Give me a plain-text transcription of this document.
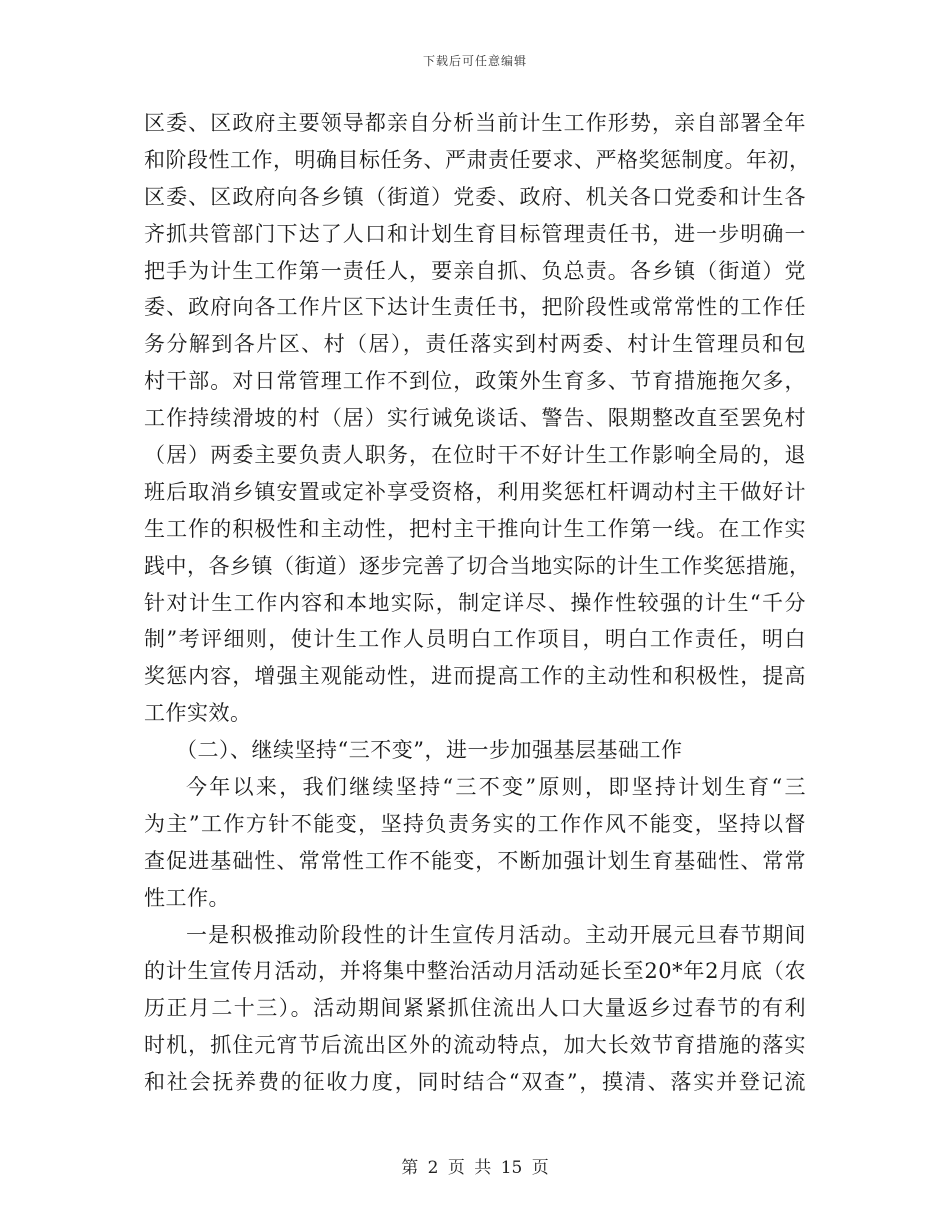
下载后可任意编辑
区委、区政府主要领导都亲自分析当前计生工作形势，亲自部署全年
和阶段性工作，明确目标任务、严肃责任要求、严格奖惩制度。年初，
区委、区政府向各乡镇（街道）党委、政府、机关各口党委和计生各
齐抓共管部门下达了人口和计划生育目标管理责任书，进一步明确一
把手为计生工作第一责任人，要亲自抓、负总责。各乡镇（街道）党
委、政府向各工作片区下达计生责任书，把阶段性或常常性的工作任
务分解到各片区、村（居），责任落实到村两委、村计生管理员和包
村干部。对日常管理工作不到位，政策外生育多、节育措施拖欠多，
工作持续滑坡的村（居）实行诫免谈话、警告、限期整改直至罢免村
（居）两委主要负责人职务，在位时干不好计生工作影响全局的，退
班后取消乡镇安置或定补享受资格，利用奖惩杠杆调动村主干做好计
生工作的积极性和主动性，把村主干推向计生工作第一线。在工作实
践中，各乡镇（街道）逐步完善了切合当地实际的计生工作奖惩措施，
针对计生工作内容和本地实际，制定详尽、操作性较强的计生“千分
制”考评细则，使计生工作人员明白工作项目，明白工作责任，明白
奖惩内容，增强主观能动性，进而提高工作的主动性和积极性，提高
工作实效。
（二）、继续坚持“三不变”，进一步加强基层基础工作
今年以来，我们继续坚持“三不变”原则，即坚持计划生育“三
为主”工作方针不能变，坚持负责务实的工作作风不能变，坚持以督
查促进基础性、常常性工作不能变，不断加强计划生育基础性、常常
性工作。
一是积极推动阶段性的计生宣传月活动。主动开展元旦春节期间
的计生宣传月活动，并将集中整治活动月活动延长至20*年2月底（农
历正月二十三）。活动期间紧紧抓住流出人口大量返乡过春节的有利
时机，抓住元宵节后流出区外的流动特点，加大长效节育措施的落实
和社会抚养费的征收力度，同时结合“双查”，摸清、落实并登记流
第 2 页 共 15 页
